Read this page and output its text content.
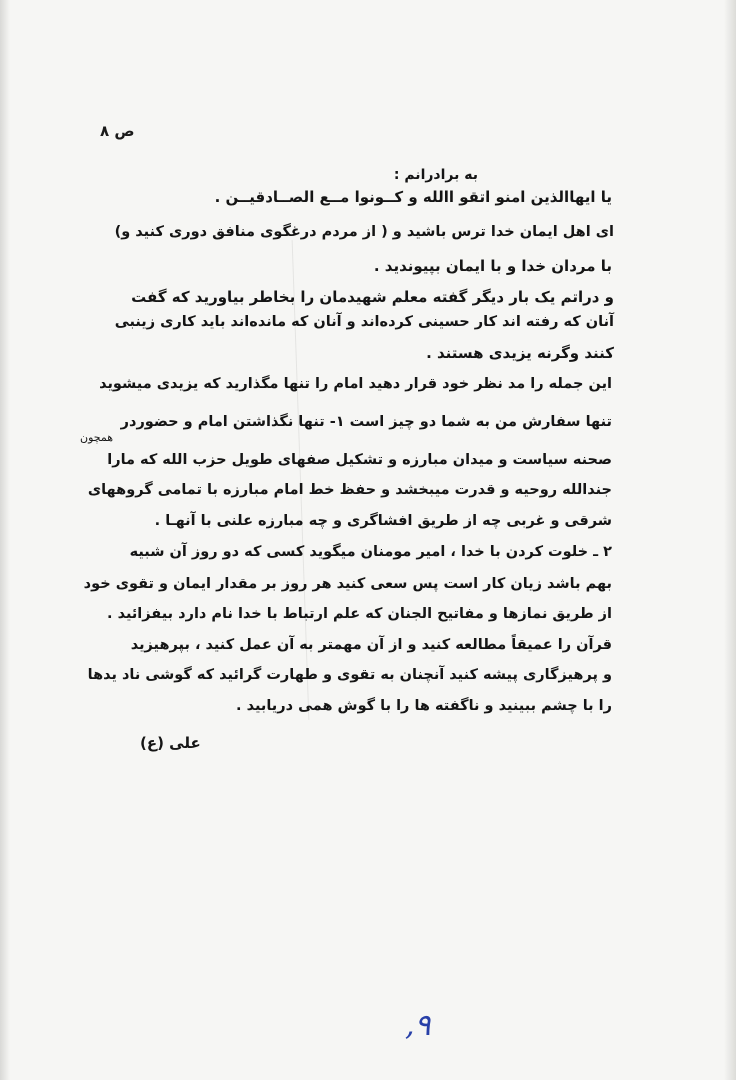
ص ۸
به برادرانم :
یا ایهاالذین امنو اتقو االله و کــونوا مــع الصــادقیــن .
ای اهل ایمان خدا ترس باشید و ( از مردم درغگوی منافق دوری کنید و)
با مردان خدا و با ایمان بپیوندید .
و دراتم یک بار دیگر گفته معلم شهیدمان را بخاطر بیاورید که گفت
آنان که رفته اند کار حسینی کرده‌اند و آنان که مانده‌اند باید کاری زینبی
کنند وگرنه یزیدی هستند .
این جمله را مد نظر خود قرار دهید امام را تنها مگذارید که یزیدی میشوید
تنها سفارش من به شما دو چیز است ۱- تنها نگذاشتن امام و حضوردر
همچون
صحنه سیاست و میدان مبارزه و تشکیل صفهای طویل حزب الله که مارا
جندالله روحیه و قدرت میبخشد و حفظ خط امام مبارزه با تمامی گروههای
شرقی و غربی چه از طریق افشاگری و چه مبارزه علنی با آنهـا .
۲ ـ خلوت کردن با خدا ، امیر مومنان میگوید کسی که دو روز آن شبیه
بهم باشد زیان کار است پس سعی کنید هر روز بر مقدار ایمان و تقوی خود
از طریق نمازها و مفاتیح الجنان که علم ارتباط با خدا نام دارد بیفزائید .
قرآن را عمیقاً مطالعه کنید و از آن مهمتر به آن عمل کنید ، بپرهیزید
و پرهیزگاری پیشه کنید آنچنان به تقوی و طهارت گرائید که گوشی ناد یدها
را با چشم ببینید و ناگفته ها را با گوش همی دریابید .
علی (ع)
۹,
